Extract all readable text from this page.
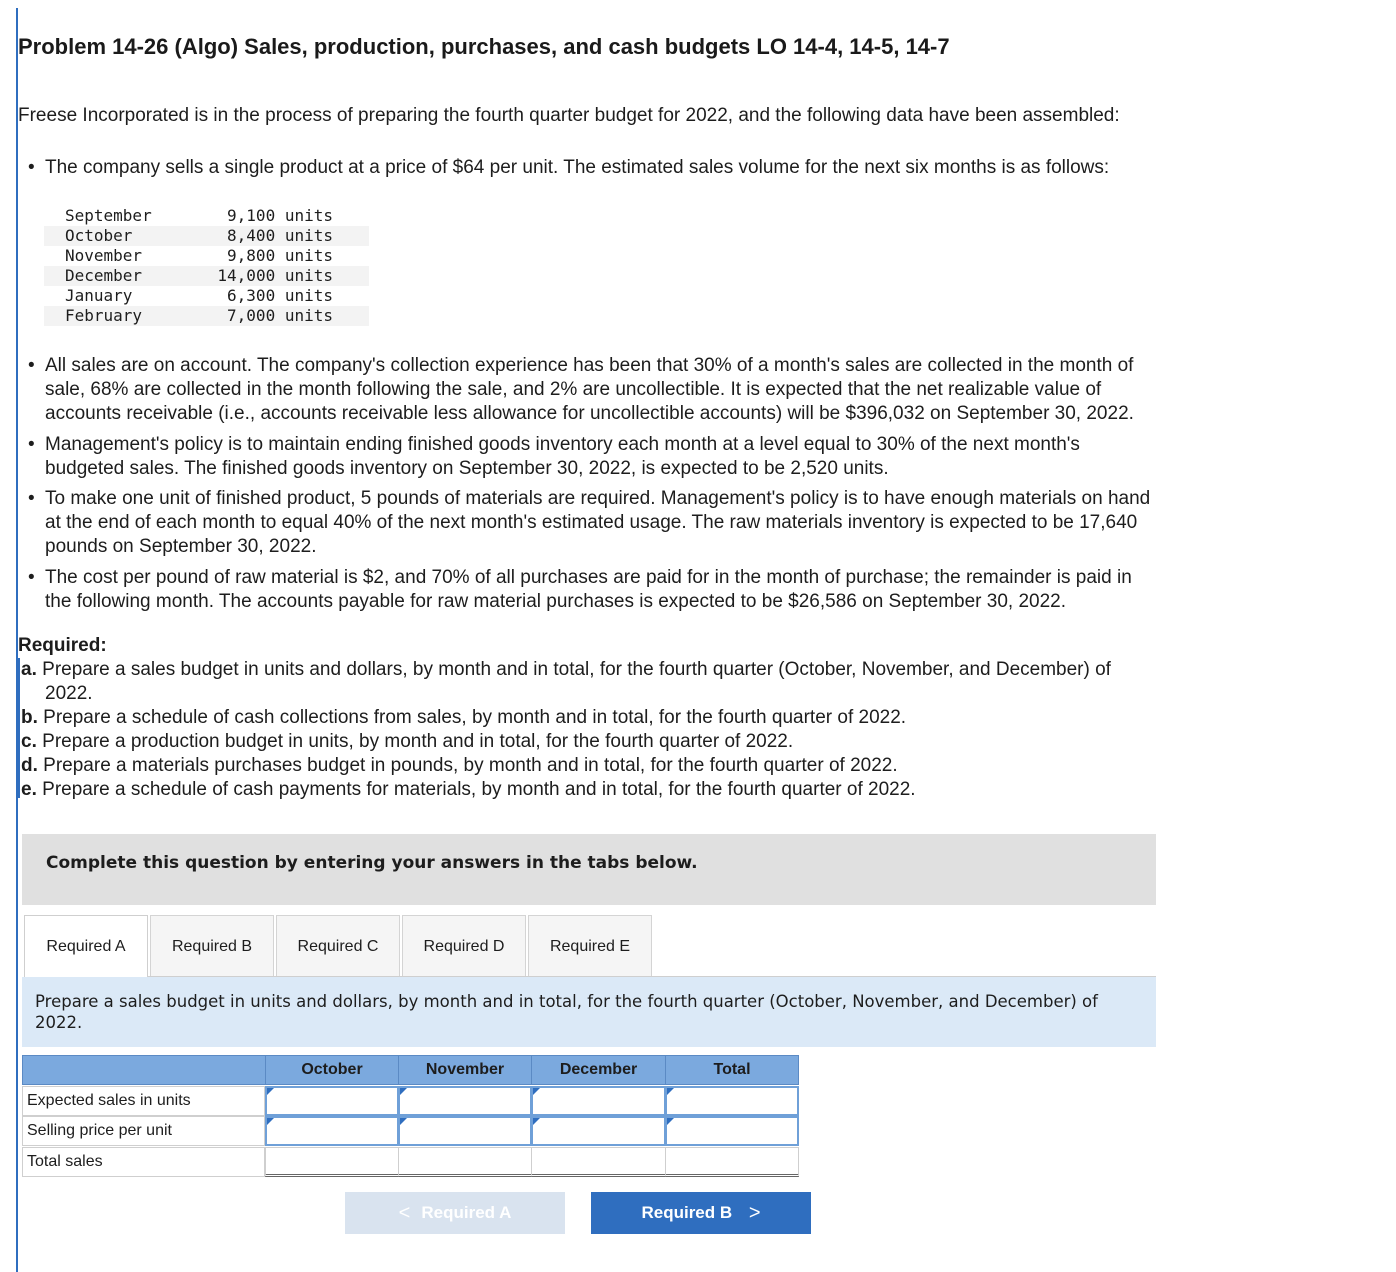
Problem 14-26 (Algo) Sales, production, purchases, and cash budgets LO 14-4, 14-5, 14-7
Freese Incorporated is in the process of preparing the fourth quarter budget for 2022, and the following data have been assembled:
• The company sells a single product at a price of $64 per unit. The estimated sales volume for the next six months is as follows:
September	9,100 units
October	8,400 units
November	9,800 units
December	14,000 units
January	6,300 units
February	7,000 units
• All sales are on account. The company's collection experience has been that 30% of a month's sales are collected in the month of
sale, 68% are collected in the month following the sale, and 2% are uncollectible. It is expected that the net realizable value of
accounts receivable (i.e., accounts receivable less allowance for uncollectible accounts) will be $396,032 on September 30, 2022.
• Management's policy is to maintain ending finished goods inventory each month at a level equal to 30% of the next month's
budgeted sales. The finished goods inventory on September 30, 2022, is expected to be 2,520 units.
• To make one unit of finished product, 5 pounds of materials are required. Management's policy is to have enough materials on hand
at the end of each month to equal 40% of the next month's estimated usage. The raw materials inventory is expected to be 17,640
pounds on September 30, 2022.
• The cost per pound of raw material is $2, and 70% of all purchases are paid for in the month of purchase; the remainder is paid in
the following month. The accounts payable for raw material purchases is expected to be $26,586 on September 30, 2022.
Required:
a. Prepare a sales budget in units and dollars, by month and in total, for the fourth quarter (October, November, and December) of
2022.
b. Prepare a schedule of cash collections from sales, by month and in total, for the fourth quarter of 2022.
c. Prepare a production budget in units, by month and in total, for the fourth quarter of 2022.
d. Prepare a materials purchases budget in pounds, by month and in total, for the fourth quarter of 2022.
e. Prepare a schedule of cash payments for materials, by month and in total, for the fourth quarter of 2022.
Complete this question by entering your answers in the tabs below.
Required A	Required B	Required C	Required D	Required E
Prepare a sales budget in units and dollars, by month and in total, for the fourth quarter (October, November, and December) of 2022.
October	November	December	Total
Expected sales in units
Selling price per unit
Total sales
< Required A	Required B >
